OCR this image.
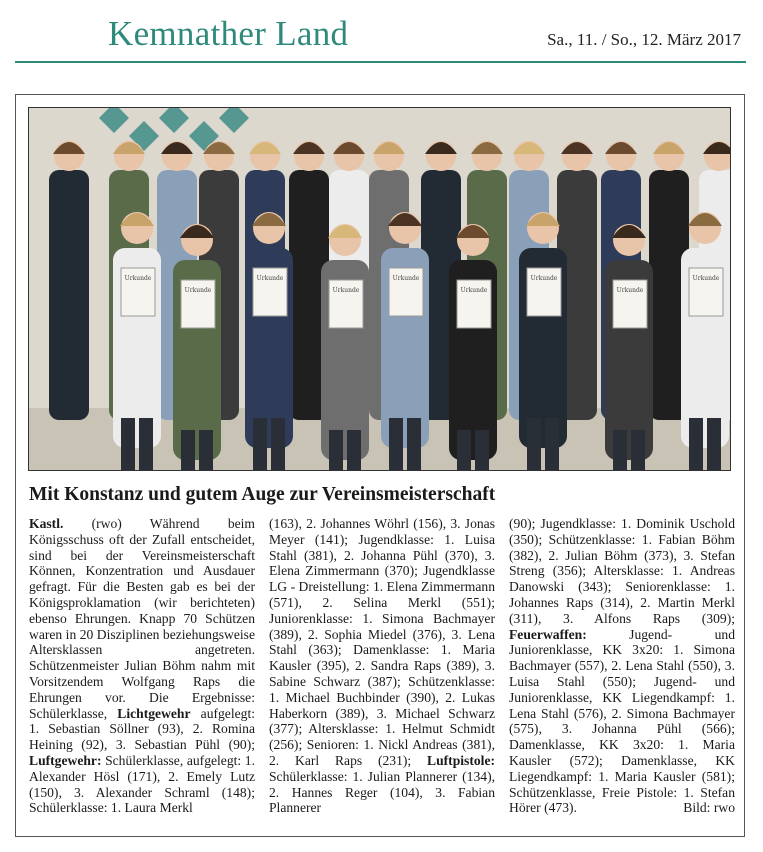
Kemnather Land	Sa., 11. / So., 12. März 2017
Urkunde
Urkunde
Urkunde
Urkunde
Urkunde
Urkunde
Urkunde
Urkunde
Urkunde
Mit Konstanz und gutem Auge zur Vereinsmeisterschaft
Kastl. (rwo) Während beim Königsschuss oft der Zufall entscheidet, sind bei der Vereinsmeisterschaft Können, Konzentration und Ausdauer gefragt. Für die Besten gab es bei der Königsproklamation (wir berichteten) ebenso Ehrungen. Knapp 70 Schützen waren in 20 Disziplinen beziehungsweise Altersklassen angetreten. Schützenmeister Julian Böhm nahm mit Vorsitzendem Wolfgang Raps die Ehrungen vor. Die Ergebnisse: Schülerklasse, Lichtgewehr aufgelegt: 1. Sebastian Söllner (93), 2. Romina Heining (92), 3. Sebastian Pühl (90); Luftgewehr: Schülerklasse, aufgelegt: 1. Alexander Hösl (171), 2. Emely Lutz (150), 3. Alexander Schraml (148); Schülerklasse: 1. Laura Merkl
(163), 2. Johannes Wöhrl (156), 3. Jonas Meyer (141); Jugendklasse: 1. Luisa Stahl (381), 2. Johanna Pühl (370), 3. Elena Zimmermann (370); Jugendklasse LG - Dreistellung: 1. Elena Zimmermann (571), 2. Selina Merkl (551); Juniorenklasse: 1. Simona Bachmayer (389), 2. Sophia Miedel (376), 3. Lena Stahl (363); Damenklasse: 1. Maria Kausler (395), 2. Sandra Raps (389), 3. Sabine Schwarz (387); Schützenklasse: 1. Michael Buchbinder (390), 2. Lukas Haberkorn (389), 3. Michael Schwarz (377); Altersklasse: 1. Helmut Schmidt (256); Senioren: 1. Nickl Andreas (381), 2. Karl Raps (231); Luftpistole: Schülerklasse: 1. Julian Plannerer (134), 2. Hannes Reger (104), 3. Fabian Plannerer
(90); Jugendklasse: 1. Dominik Uschold (350); Schützenklasse: 1. Fabian Böhm (382), 2. Julian Böhm (373), 3. Stefan Streng (356); Altersklasse: 1. Andreas Danowski (343); Seniorenklasse: 1. Johannes Raps (314), 2. Martin Merkl (311), 3. Alfons Raps (309); Feuerwaffen: Jugend- und Juniorenklasse, KK 3x20: 1. Simona Bachmayer (557), 2. Lena Stahl (550), 3. Luisa Stahl (550); Jugend- und Juniorenklasse, KK Liegendkampf: 1. Lena Stahl (576), 2. Simona Bachmayer (575), 3. Johanna Pühl (566); Damenklasse, KK 3x20: 1. Maria Kausler (572); Damenklasse, KK Liegendkampf: 1. Maria Kausler (581); Schützenklasse, Freie Pistole: 1. Stefan Hörer (473).	Bild: rwo
